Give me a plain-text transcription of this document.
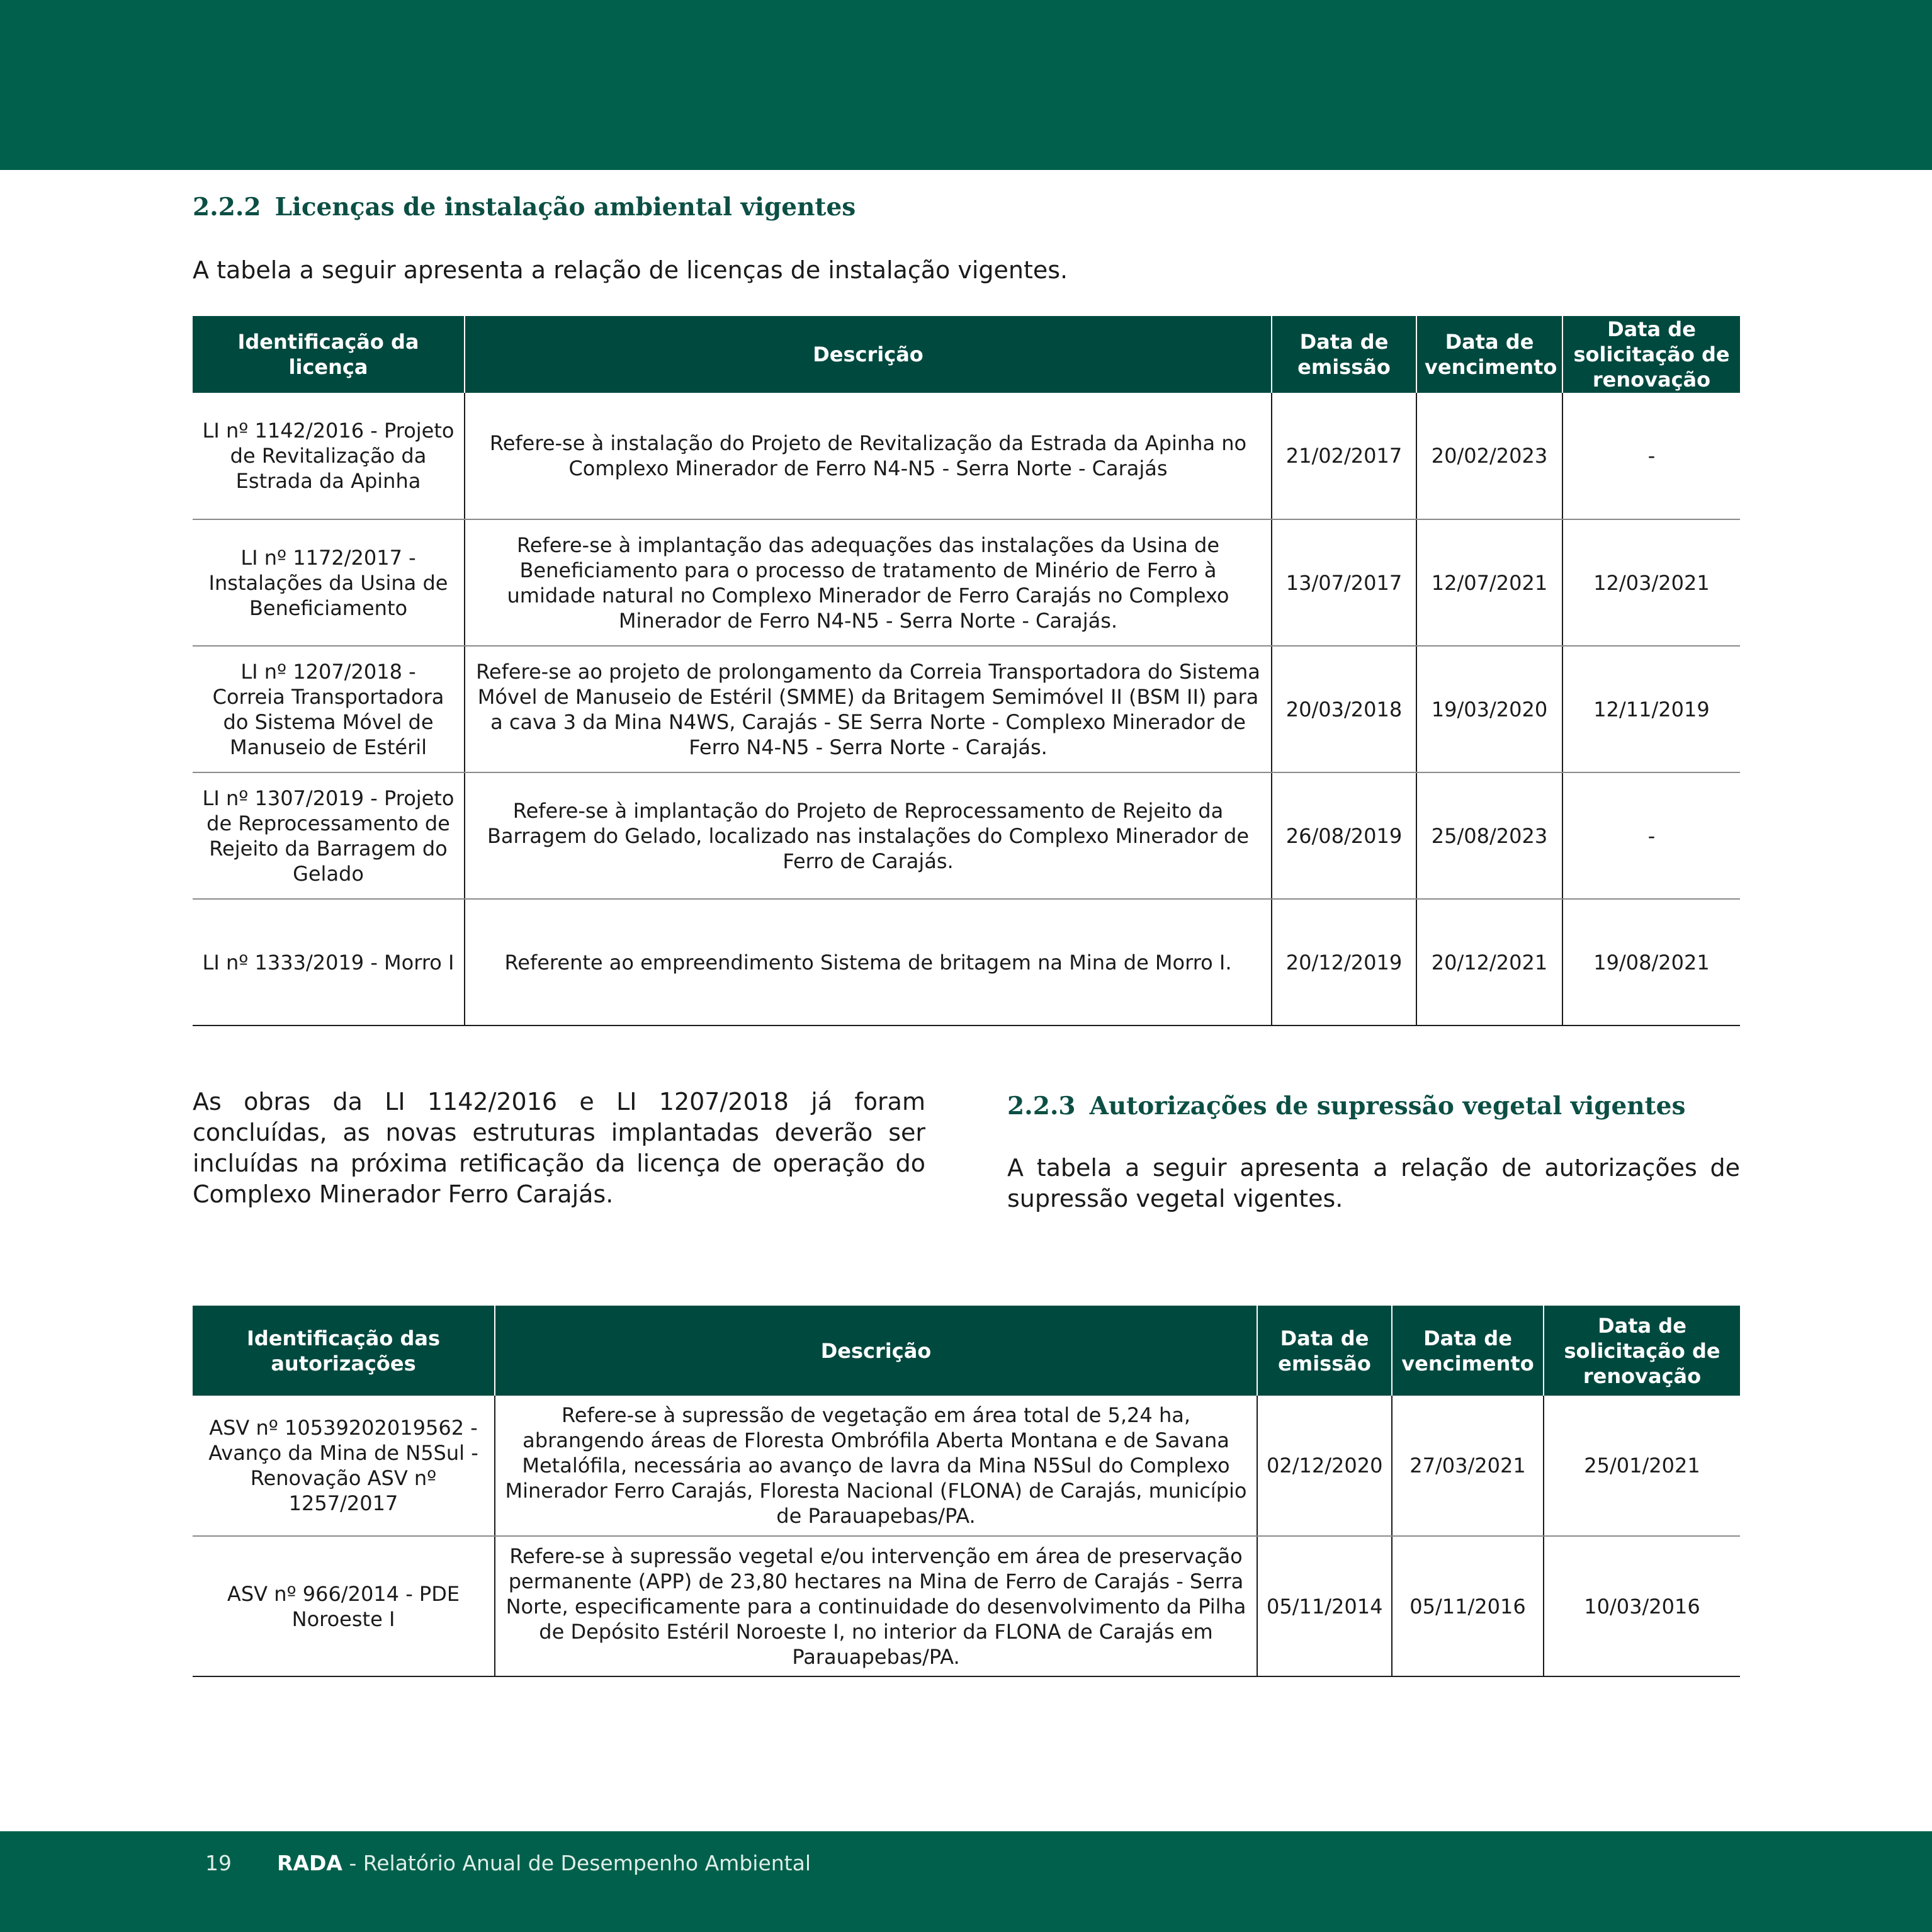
2.2.2 Licenças de instalação ambiental vigentes
A tabela a seguir apresenta a relação de licenças de instalação vigentes.
Identificação da licença	Descrição	Data de emissão	Data de vencimento	Data de solicitação de renovação
LI nº 1142/2016 - Projeto de Revitalização da Estrada da Apinha	Refere-se à instalação do Projeto de Revitalização da Estrada da Apinha no Complexo Minerador de Ferro N4-N5 - Serra Norte - Carajás	21/02/2017	20/02/2023	-
LI nº 1172/2017 - Instalações da Usina de Beneficiamento	Refere-se à implantação das adequações das instalações da Usina de Beneficiamento para o processo de tratamento de Minério de Ferro à umidade natural no Complexo Minerador de Ferro Carajás no Complexo Minerador de Ferro N4-N5 - Serra Norte - Carajás.	13/07/2017	12/07/2021	12/03/2021
LI nº 1207/2018 - Correia Transportadora do Sistema Móvel de Manuseio de Estéril	Refere-se ao projeto de prolongamento da Correia Transportadora do Sistema Móvel de Manuseio de Estéril (SMME) da Britagem Semimóvel II (BSM II) para a cava 3 da Mina N4WS, Carajás - SE Serra Norte - Complexo Minerador de Ferro N4-N5 - Serra Norte - Carajás.	20/03/2018	19/03/2020	12/11/2019
LI nº 1307/2019 - Projeto de Reprocessamento de Rejeito da Barragem do Gelado	Refere-se à implantação do Projeto de Reprocessamento de Rejeito da Barragem do Gelado, localizado nas instalações do Complexo Minerador de Ferro de Carajás.	26/08/2019	25/08/2023	-
LI nº 1333/2019 - Morro I	Referente ao empreendimento Sistema de britagem na Mina de Morro I.	20/12/2019	20/12/2021	19/08/2021
As obras da LI 1142/2016 e LI 1207/2018 já foram concluídas, as novas estruturas implantadas deverão ser incluídas na próxima retificação da licença de operação do Complexo Minerador Ferro Carajás.
2.2.3 Autorizações de supressão vegetal vigentes
A tabela a seguir apresenta a relação de autorizações de supressão vegetal vigentes.
Identificação das autorizações	Descrição	Data de emissão	Data de vencimento	Data de solicitação de renovação
ASV nº 10539202019562 - Avanço da Mina de N5Sul - Renovação ASV nº 1257/2017	Refere-se à supressão de vegetação em área total de 5,24 ha, abrangendo áreas de Floresta Ombrófila Aberta Montana e de Savana Metalófila, necessária ao avanço de lavra da Mina N5Sul do Complexo Minerador Ferro Carajás, Floresta Nacional (FLONA) de Carajás, município de Parauapebas/PA.	02/12/2020	27/03/2021	25/01/2021
ASV nº 966/2014 - PDE Noroeste I	Refere-se à supressão vegetal e/ou intervenção em área de preservação permanente (APP) de 23,80 hectares na Mina de Ferro de Carajás - Serra Norte, especificamente para a continuidade do desenvolvimento da Pilha de Depósito Estéril Noroeste I, no interior da FLONA de Carajás em Parauapebas/PA.	05/11/2014	05/11/2016	10/03/2016
19 RADA - Relatório Anual de Desempenho Ambiental
